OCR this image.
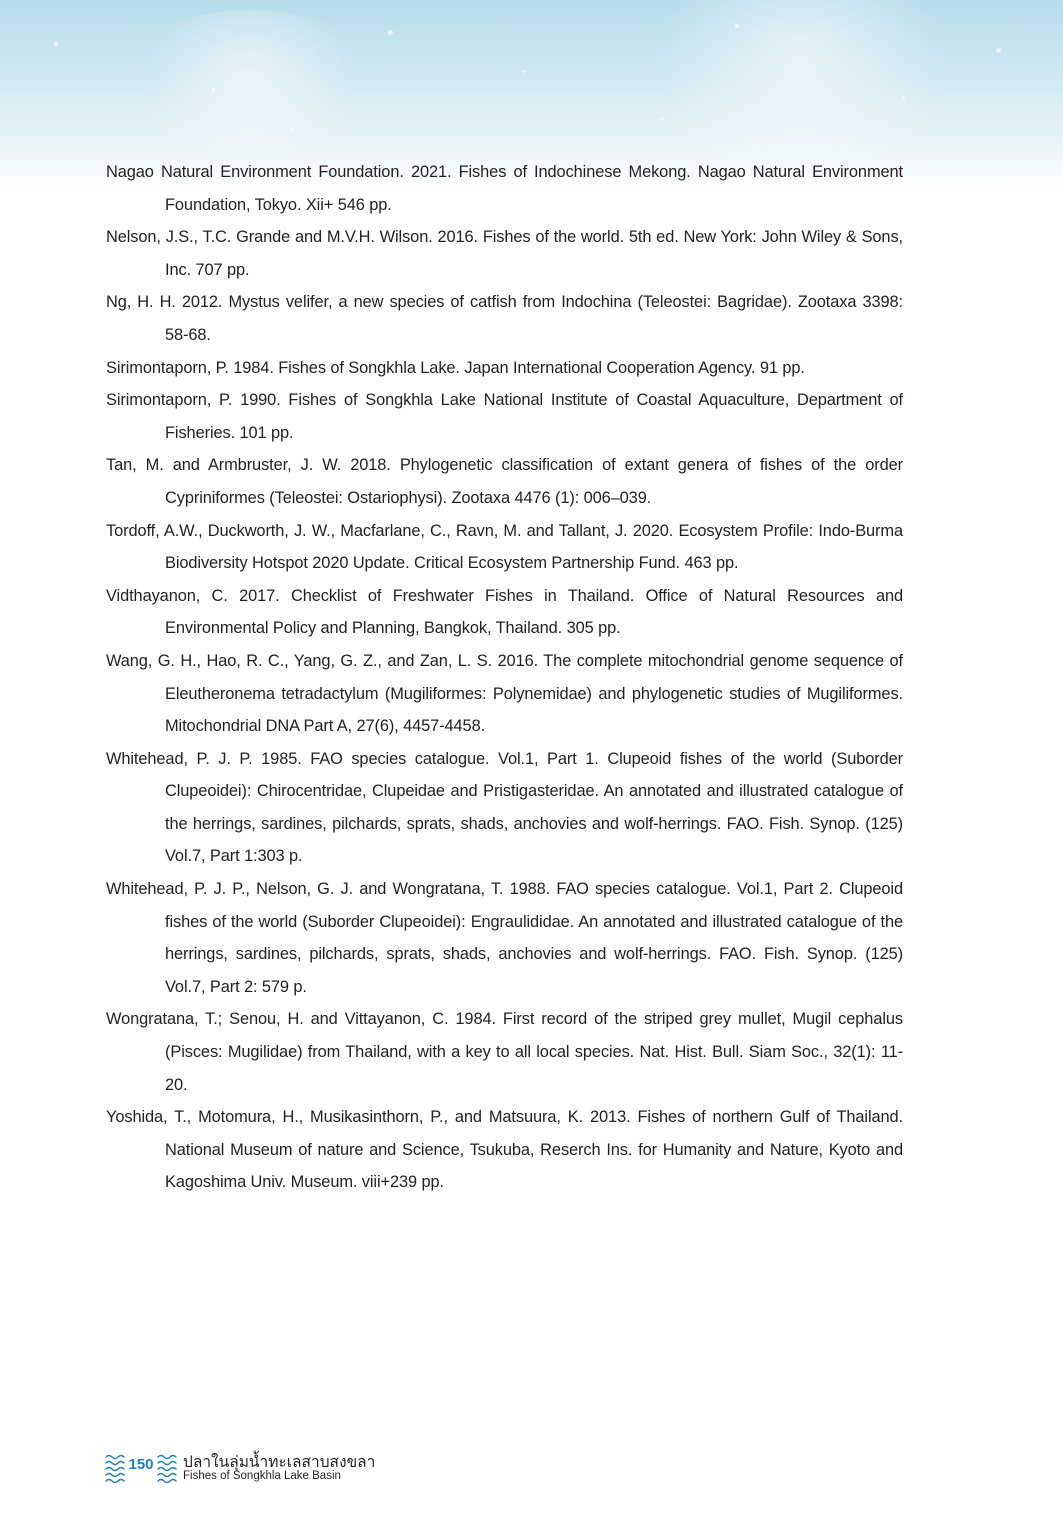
Nagao Natural Environment Foundation. 2021. Fishes of Indochinese Mekong. Nagao Natural Environment Foundation, Tokyo. Xii+ 546 pp.
Nelson, J.S., T.C. Grande and M.V.H. Wilson. 2016. Fishes of the world. 5th ed. New York: John Wiley & Sons, Inc. 707 pp.
Ng, H. H. 2012. Mystus velifer, a new species of catfish from Indochina (Teleostei: Bagridae). Zootaxa 3398: 58-68.
Sirimontaporn, P. 1984. Fishes of Songkhla Lake. Japan International Cooperation Agency. 91 pp.
Sirimontaporn, P. 1990. Fishes of Songkhla Lake National Institute of Coastal Aquaculture, Department of Fisheries. 101 pp.
Tan, M. and Armbruster, J. W. 2018. Phylogenetic classification of extant genera of fishes of the order Cypriniformes (Teleostei: Ostariophysi). Zootaxa 4476 (1): 006–039.
Tordoff, A.W., Duckworth, J. W., Macfarlane, C., Ravn, M. and Tallant, J. 2020. Ecosystem Profile: Indo-Burma Biodiversity Hotspot 2020 Update. Critical Ecosystem Partnership Fund. 463 pp.
Vidthayanon, C. 2017. Checklist of Freshwater Fishes in Thailand. Office of Natural Resources and Environmental Policy and Planning, Bangkok, Thailand. 305 pp.
Wang, G. H., Hao, R. C., Yang, G. Z., and Zan, L. S. 2016. The complete mitochondrial genome sequence of Eleutheronema tetradactylum (Mugiliformes: Polynemidae) and phylogenetic studies of Mugiliformes. Mitochondrial DNA Part A, 27(6), 4457-4458.
Whitehead, P. J. P. 1985. FAO species catalogue. Vol.1, Part 1. Clupeoid fishes of the world (Suborder Clupeoidei): Chirocentridae, Clupeidae and Pristigasteridae. An annotated and illustrated catalogue of the herrings, sardines, pilchards, sprats, shads, anchovies and wolf-herrings. FAO. Fish. Synop. (125) Vol.7, Part 1:303 p.
Whitehead, P. J. P., Nelson, G. J. and Wongratana, T. 1988. FAO species catalogue. Vol.1, Part 2. Clupeoid fishes of the world (Suborder Clupeoidei): Engraulididae. An annotated and illustrated catalogue of the herrings, sardines, pilchards, sprats, shads, anchovies and wolf-herrings. FAO. Fish. Synop. (125) Vol.7, Part 2: 579 p.
Wongratana, T.; Senou, H. and Vittayanon, C. 1984. First record of the striped grey mullet, Mugil cephalus (Pisces: Mugilidae) from Thailand, with a key to all local species. Nat. Hist. Bull. Siam Soc., 32(1): 11-20.
Yoshida, T., Motomura, H., Musikasinthorn, P., and Matsuura, K. 2013. Fishes of northern Gulf of Thailand. National Museum of nature and Science, Tsukuba, Reserch Ins. for Humanity and Nature, Kyoto and Kagoshima Univ. Museum. viii+239 pp.
150 ปลาในลุ่มน้ำทะเลสาบสงขลา
Fishes of Songkhla Lake Basin
